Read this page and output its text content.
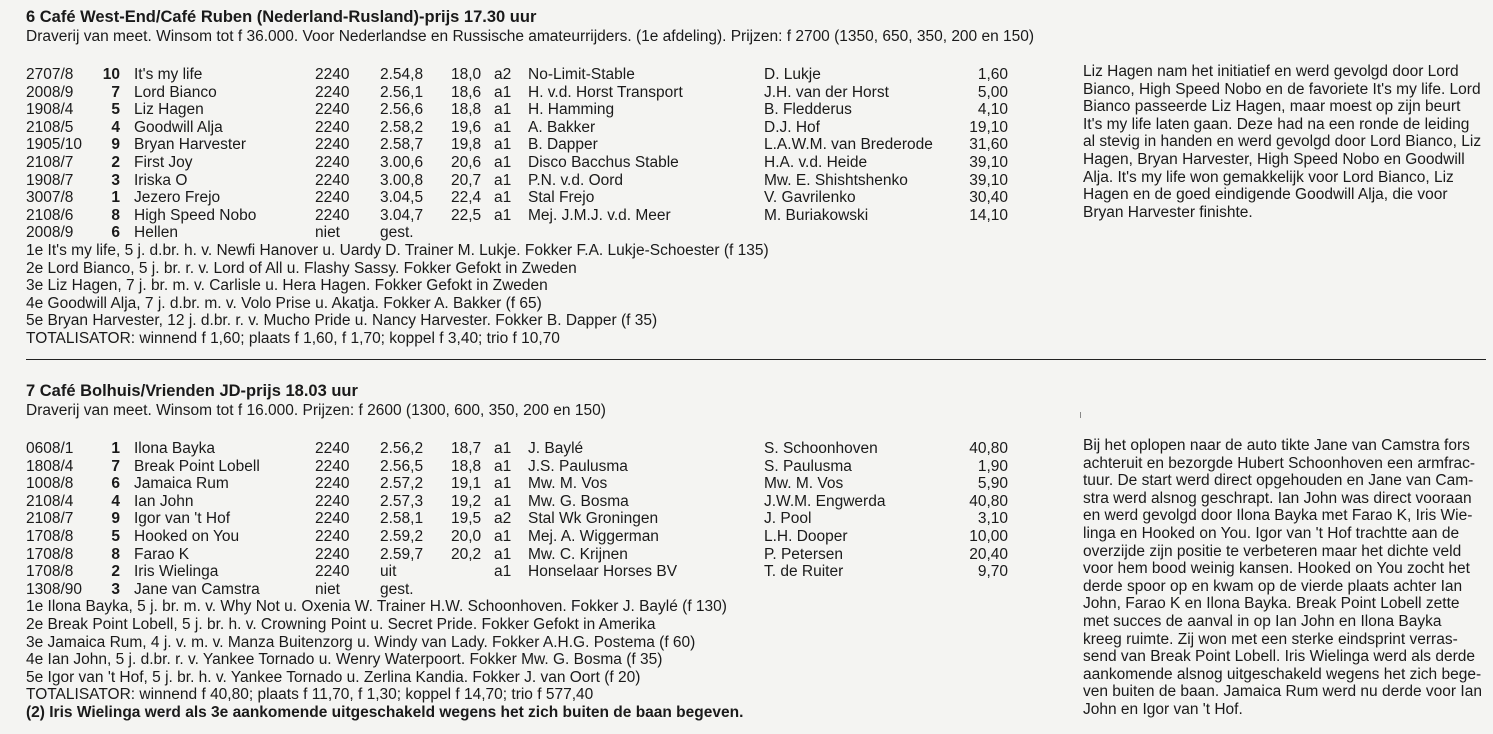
6 Café West-End/Café Ruben (Nederland-Rusland)-prijs 17.30 uur
Draverij van meet. Winsom tot f 36.000. Voor Nederlandse en Russische amateurrijders. (1e afdeling). Prijzen: f 2700 (1350, 650, 350, 200 en 150)
2707/8	10 It's my life	2240 2.54,8 18,0 a2 No-Limit-Stable	D. Lukje	1,60
2008/9	7 Lord Bianco	2240 2.56,1 18,6 a1 H. v.d. Horst Transport	J.H. van der Horst	5,00
1908/4	5 Liz Hagen	2240 2.56,6 18,8 a1 H. Hamming	B. Fledderus	4,10
2108/5	4 Goodwill Alja	2240 2.58,2 19,6 a1 A. Bakker	D.J. Hof	19,10
1905/10	9 Bryan Harvester	2240 2.58,7 19,8 a1 B. Dapper	L.A.W.M. van Brederode 31,60
2108/7	2 First Joy	2240 3.00,6 20,6 a1 Disco Bacchus Stable	H.A. v.d. Heide	39,10
1908/7	3 Iriska O	2240 3.00,8 20,7 a1 P.N. v.d. Oord	Mw. E. Shishtshenko	39,10
3007/8	1 Jezero Frejo	2240 3.04,5 22,4 a1 Stal Frejo	V. Gavrilenko	30,40
2108/6	8 High Speed Nobo	2240 3.04,7 22,5 a1 Mej. J.M.J. v.d. Meer	M. Buriakowski	14,10
2008/9	6 Hellen	niet	gest.
1e It's my life, 5 j. d.br. h. v. Newfi Hanover u. Uardy D. Trainer M. Lukje. Fokker F.A. Lukje-Schoester (f 135)
2e Lord Bianco, 5 j. br. r. v. Lord of All u. Flashy Sassy. Fokker Gefokt in Zweden
3e Liz Hagen, 7 j. br. m. v. Carlisle u. Hera Hagen. Fokker Gefokt in Zweden
4e Goodwill Alja, 7 j. d.br. m. v. Volo Prise u. Akatja. Fokker A. Bakker (f 65)
5e Bryan Harvester, 12 j. d.br. r. v. Mucho Pride u. Nancy Harvester. Fokker B. Dapper (f 35)
TOTALISATOR: winnend f 1,60; plaats f 1,60, f 1,70; koppel f 3,40; trio f 10,70
Liz Hagen nam het initiatief en werd gevolgd door Lord
Bianco, High Speed Nobo en de favoriete It's my life. Lord
Bianco passeerde Liz Hagen, maar moest op zijn beurt
It's my life laten gaan. Deze had na een ronde de leiding
al stevig in handen en werd gevolgd door Lord Bianco, Liz
Hagen, Bryan Harvester, High Speed Nobo en Goodwill
Alja. It's my life won gemakkelijk voor Lord Bianco, Liz
Hagen en de goed eindigende Goodwill Alja, die voor
Bryan Harvester finishte.
7 Café Bolhuis/Vrienden JD-prijs 18.03 uur
Draverij van meet. Winsom tot f 16.000. Prijzen: f 2600 (1300, 600, 350, 200 en 150)
0608/1	1 Ilona Bayka	2240 2.56,2 18,7 a1 J. Baylé	S. Schoonhoven	40,80
1808/4	7 Break Point Lobell	2240 2.56,5 18,8 a1 J.S. Paulusma	S. Paulusma	1,90
1008/8	6 Jamaica Rum	2240 2.57,2 19,1 a1 Mw. M. Vos	Mw. M. Vos	5,90
2108/4	4 Ian John	2240 2.57,3 19,2 a1 Mw. G. Bosma	J.W.M. Engwerda	40,80
2108/7	9 Igor van 't Hof	2240 2.58,1 19,5 a2 Stal Wk Groningen	J. Pool	3,10
1708/8	5 Hooked on You	2240 2.59,2 20,0 a1 Mej. A. Wiggerman	L.H. Dooper	10,00
1708/8	8 Farao K	2240 2.59,7 20,2 a1 Mw. C. Krijnen	P. Petersen	20,40
1708/8	2 Iris Wielinga	2240 uit	a1 Honselaar Horses BV	T. de Ruiter	9,70
1308/90	3 Jane van Camstra	niet	gest.
1e Ilona Bayka, 5 j. br. m. v. Why Not u. Oxenia W. Trainer H.W. Schoonhoven. Fokker J. Baylé (f 130)
2e Break Point Lobell, 5 j. br. h. v. Crowning Point u. Secret Pride. Fokker Gefokt in Amerika
3e Jamaica Rum, 4 j. v. m. v. Manza Buitenzorg u. Windy van Lady. Fokker A.H.G. Postema (f 60)
4e Ian John, 5 j. d.br. r. v. Yankee Tornado u. Wenry Waterpoort. Fokker Mw. G. Bosma (f 35)
5e Igor van 't Hof, 5 j. br. h. v. Yankee Tornado u. Zerlina Kandia. Fokker J. van Oort (f 20)
TOTALISATOR: winnend f 40,80; plaats f 11,70, f 1,30; koppel f 14,70; trio f 577,40
(2) Iris Wielinga werd als 3e aankomende uitgeschakeld wegens het zich buiten de baan begeven.
Bij het oplopen naar de auto tikte Jane van Camstra fors
achteruit en bezorgde Hubert Schoonhoven een armfrac-
tuur. De start werd direct opgehouden en Jane van Cam-
stra werd alsnog geschrapt. Ian John was direct vooraan
en werd gevolgd door Ilona Bayka met Farao K, Iris Wie-
linga en Hooked on You. Igor van 't Hof trachtte aan de
overzijde zijn positie te verbeteren maar het dichte veld
voor hem bood weinig kansen. Hooked on You zocht het
derde spoor op en kwam op de vierde plaats achter Ian
John, Farao K en Ilona Bayka. Break Point Lobell zette
met succes de aanval in op Ian John en Ilona Bayka
kreeg ruimte. Zij won met een sterke eindsprint verras-
send van Break Point Lobell. Iris Wielinga werd als derde
aankomende alsnog uitgeschakeld wegens het zich bege-
ven buiten de baan. Jamaica Rum werd nu derde voor Ian
John en Igor van 't Hof.
